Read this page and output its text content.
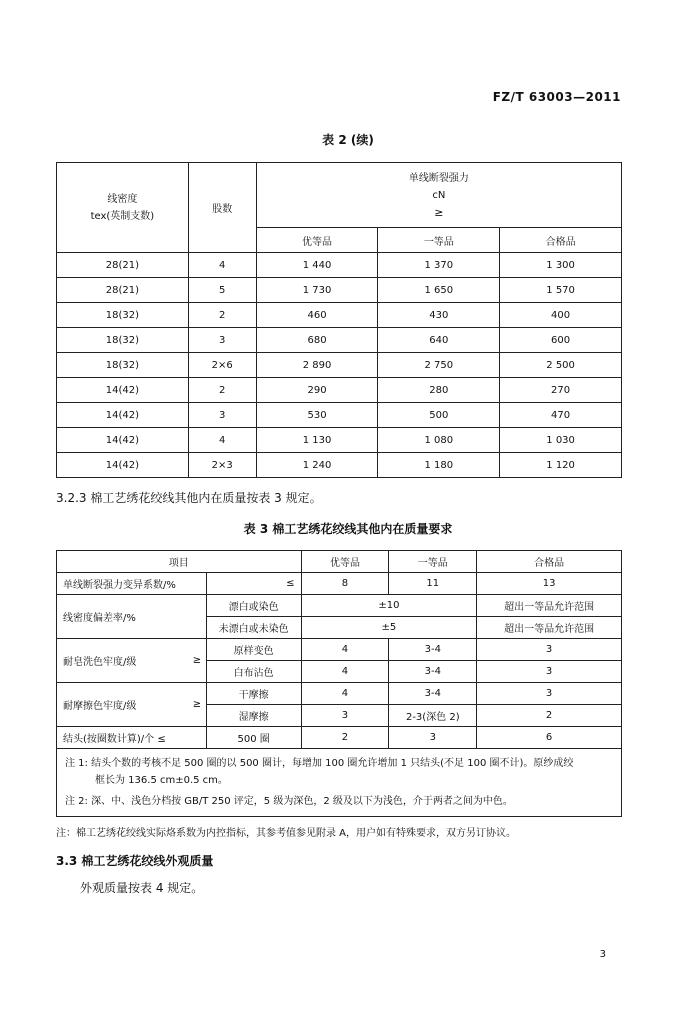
FZ/T 63003—2011
表 2 (续)
线密度
tex(英制支数)	股数	单线断裂强力
cN
≥		

		优等品	一等品	合格品
28(21)	4	1 440	1 370	1 300
28(21)	5	1 730	1 650	1 570
18(32)	2	460	430	400
18(32)	3	680	640	600
18(32)	2×6	2 890	2 750	2 500
14(42)	2	290	280	270
14(42)	3	530	500	470
14(42)	4	1 130	1 080	1 030
14(42)	2×3	1 240	1 180	1 120
3.2.3 棉工艺绣花绞线其他内在质量按表 3 规定。
表 3 棉工艺绣花绞线其他内在质量要求
项目			优等品	一等品	合格品
单线断裂强力变异系数/%		≤	8	11	13
线密度偏差率/%		漂白或染色	±10		超出一等品允许范围
		未漂白或未染色	±5		超出一等品允许范围
耐皂洗色牢度/级	≥	原样变色	4	3-4	3
		白布沾色	4	3-4	3
耐摩擦色牢度/级	≥	干摩擦	4	3-4	3
		湿摩擦	3	2-3(深色 2)	2
结头(按圈数计算)/个 ≤		500 圈	2	3	6

注 1: 结头个数的考核不足 500 圈的以 500 圈计，每增加 100 圈允许增加 1 只结头(不足 100 圈不计)。原纱成绞
框长为 136.5 cm±0.5 cm。
注 2: 深、中、浅色分档按 GB/T 250 评定，5 级为深色，2 级及以下为浅色，介于两者之间为中色。					
注：棉工艺绣花绞线实际烙系数为内控指标，其参考值参见附录 A，用户如有特殊要求，双方另订协议。
3.3 棉工艺绣花绞线外观质量
外观质量按表 4 规定。
3
